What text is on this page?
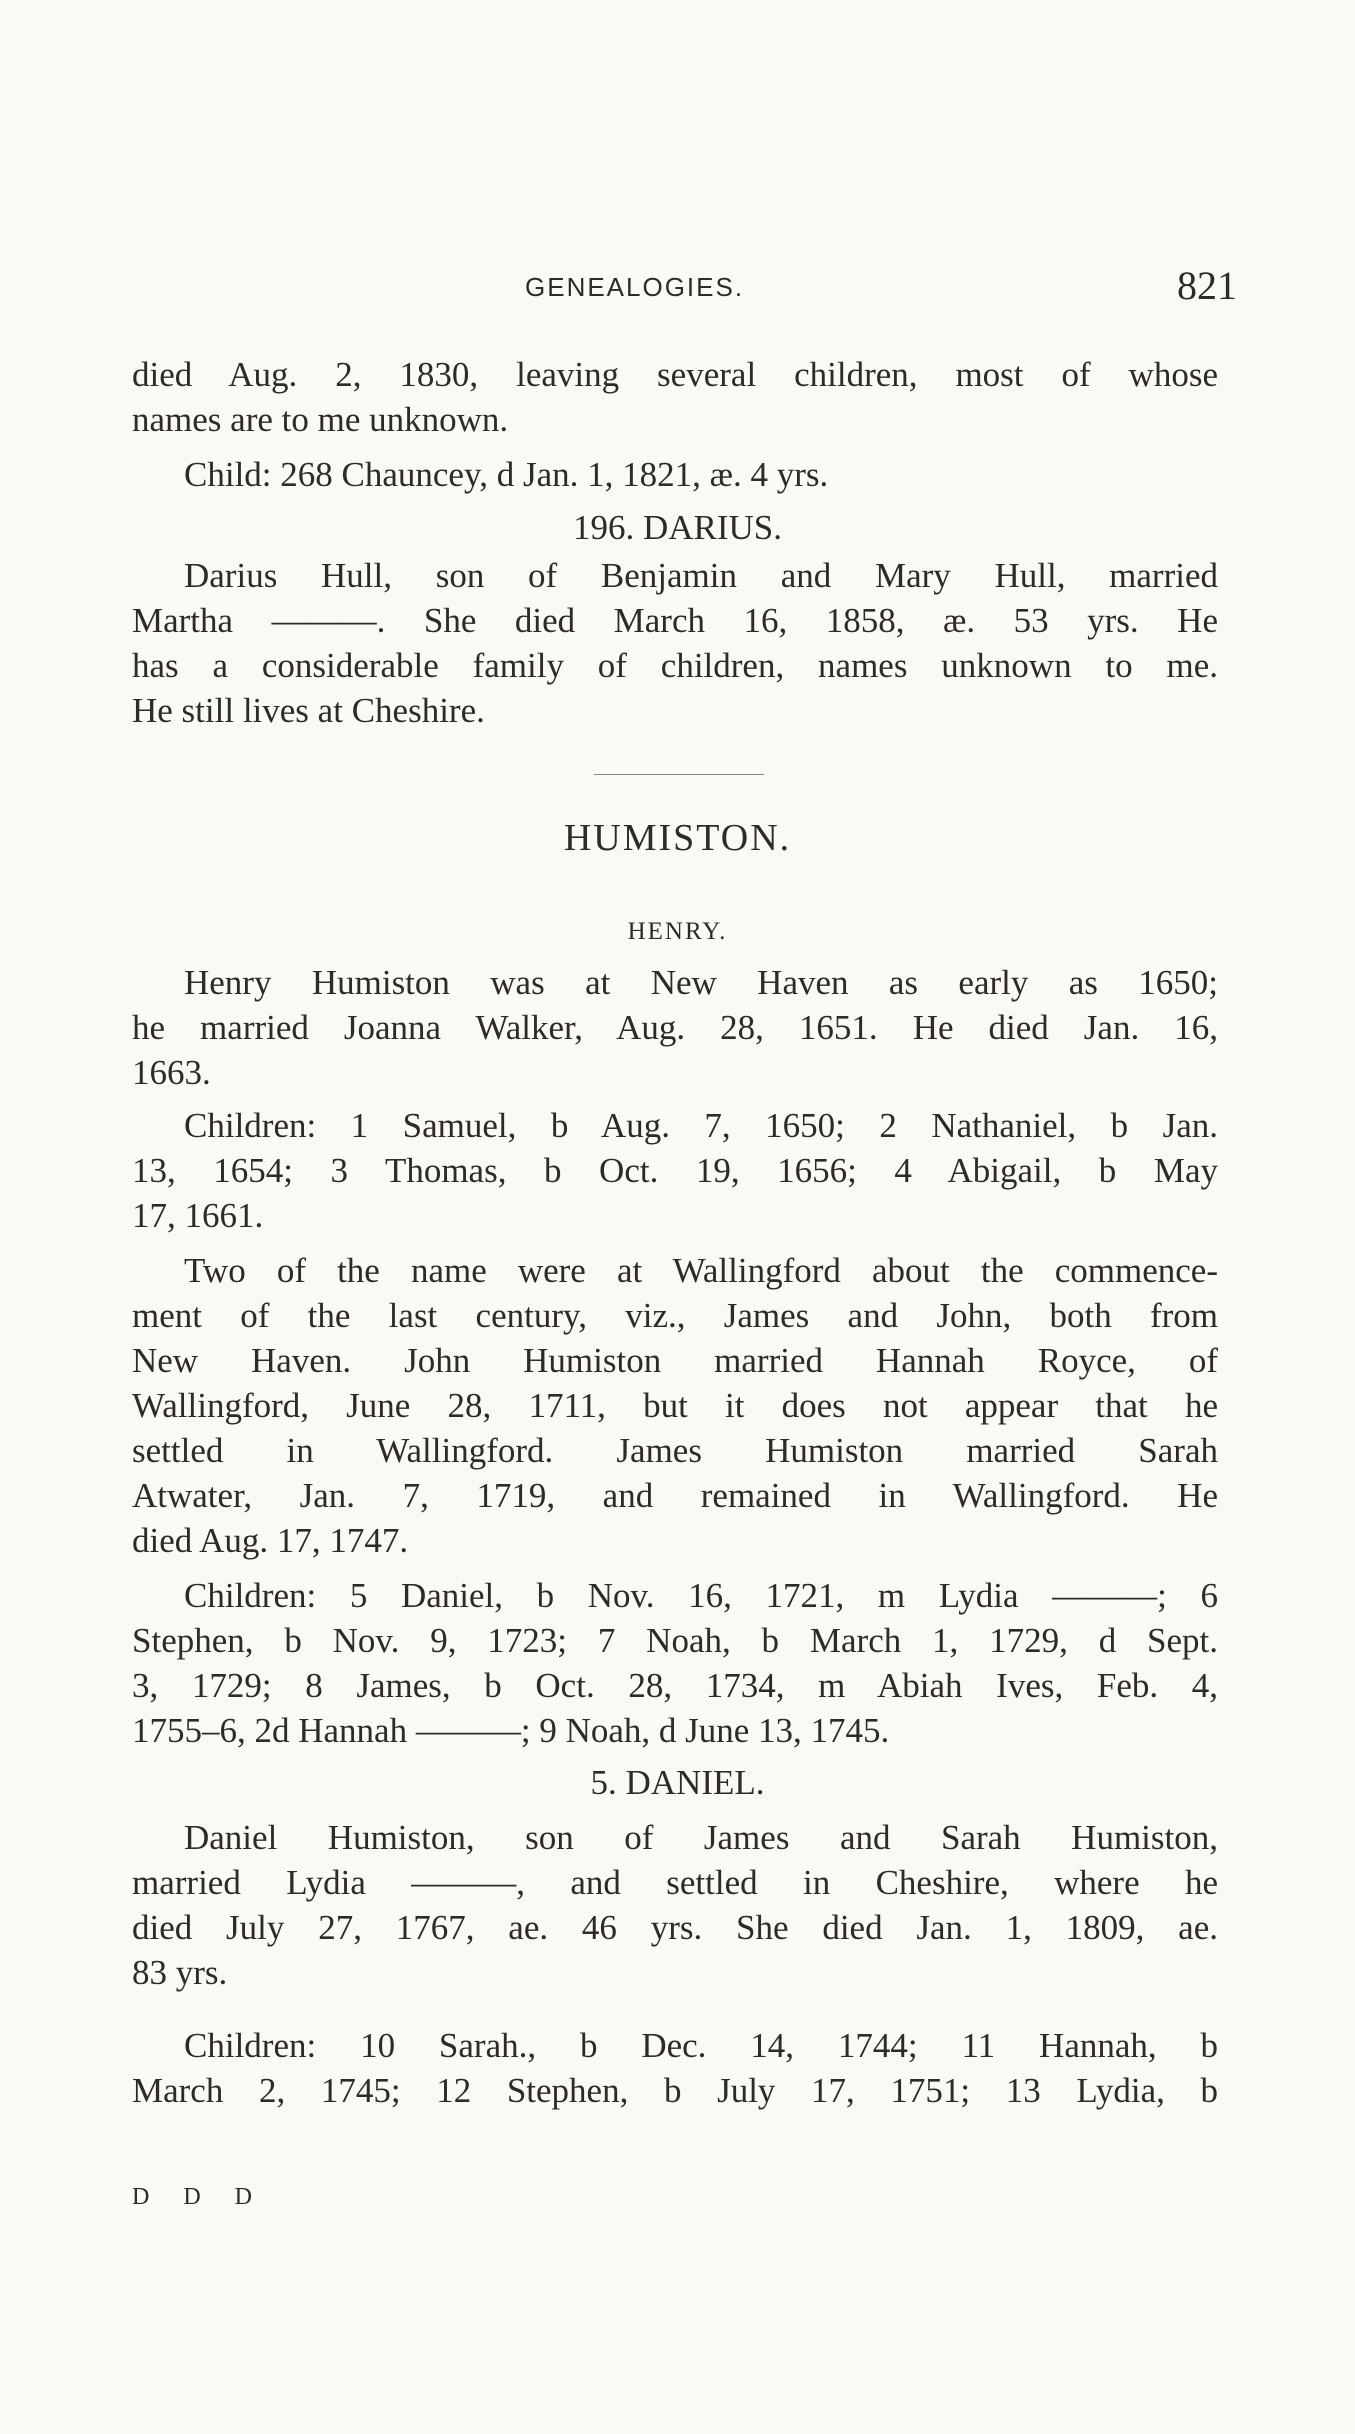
GENEALOGIES.	821
died Aug. 2, 1830, leaving several children, most of whose
names are to me unknown.
Child: 268 Chauncey, d Jan. 1, 1821, æ. 4 yrs.
196. DARIUS.
Darius Hull, son of Benjamin and Mary Hull, married
Martha ———. She died March 16, 1858, æ. 53 yrs. He
has a considerable family of children, names unknown to me.
He still lives at Cheshire.
HUMISTON.
HENRY.
Henry Humiston was at New Haven as early as 1650;
he married Joanna Walker, Aug. 28, 1651. He died Jan. 16,
1663.
Children: 1 Samuel, b Aug. 7, 1650; 2 Nathaniel, b Jan.
13, 1654; 3 Thomas, b Oct. 19, 1656; 4 Abigail, b May
17, 1661.
Two of the name were at Wallingford about the commence-
ment of the last century, viz., James and John, both from
New Haven. John Humiston married Hannah Royce, of
Wallingford, June 28, 1711, but it does not appear that he
settled in Wallingford. James Humiston married Sarah
Atwater, Jan. 7, 1719, and remained in Wallingford. He
died Aug. 17, 1747.
Children: 5 Daniel, b Nov. 16, 1721, m Lydia ———; 6
Stephen, b Nov. 9, 1723; 7 Noah, b March 1, 1729, d Sept.
3, 1729; 8 James, b Oct. 28, 1734, m Abiah Ives, Feb. 4,
1755–6, 2d Hannah ———; 9 Noah, d June 13, 1745.
5. DANIEL.
Daniel Humiston, son of James and Sarah Humiston,
married Lydia ———, and settled in Cheshire, where he
died July 27, 1767, ae. 46 yrs. She died Jan. 1, 1809, ae.
83 yrs.
Children: 10 Sarah., b Dec. 14, 1744; 11 Hannah, b
March 2, 1745; 12 Stephen, b July 17, 1751; 13 Lydia, b
D D D
